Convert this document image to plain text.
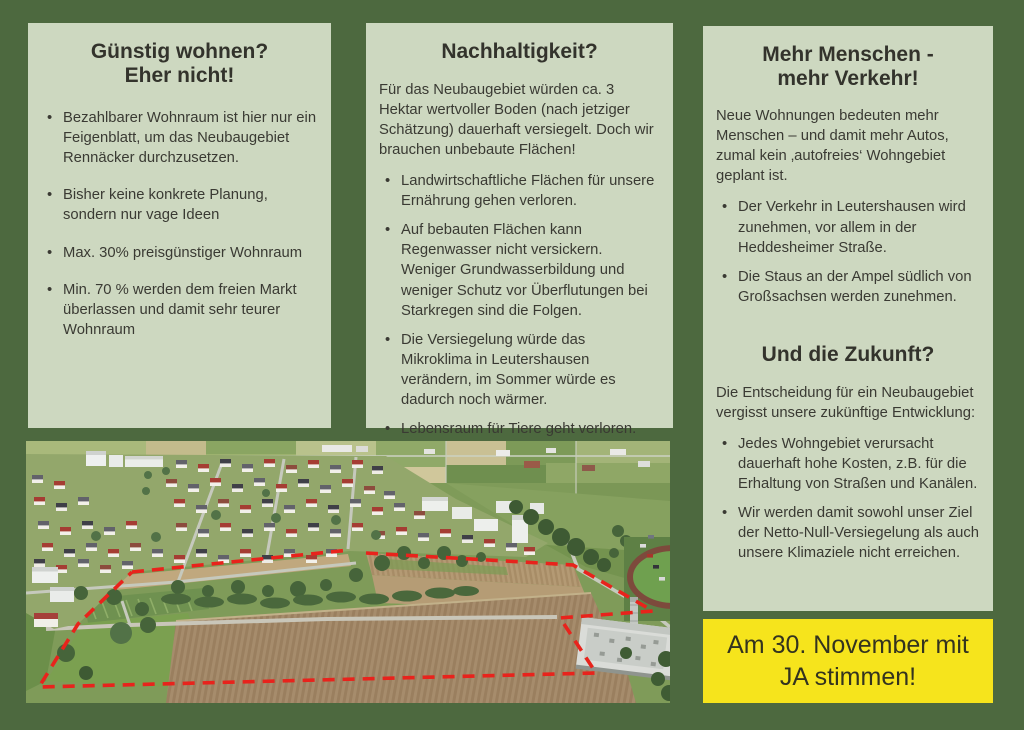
Günstig wohnen?
Eher nicht!
• Bezahlbarer Wohnraum ist hier nur ein Feigenblatt, um das Neubaugebiet Rennäcker durchzusetzen.
• Bisher keine konkrete Planung, sondern nur vage Ideen
• Max. 30% preisgünstiger Wohnraum
• Min. 70 % werden dem freien Markt überlassen und damit sehr teurer Wohnraum
Nachhaltigkeit?

Für das Neubaugebiet würden ca. 3 Hektar wertvoller Boden (nach jetziger Schätzung) dauerhaft versiegelt. Doch wir brauchen unbebaute Flächen!

• Landwirtschaftliche Flächen für unsere Ernährung gehen verloren.
• Auf bebauten Flächen kann Regenwasser nicht versickern. Weniger Grundwasserbildung und weniger Schutz vor Überflutungen bei Starkregen sind die Folgen.
• Die Versiegelung würde das Mikroklima in Leutershausen verändern, im Sommer würde es dadurch noch wärmer.
• Lebensraum für Tiere geht verloren.
Mehr Menschen -
mehr Verkehr!

Neue Wohnungen bedeuten mehr Menschen – und damit mehr Autos, zumal kein ‚autofreies‘ Wohngebiet geplant ist.

• Der Verkehr in Leutershausen wird zunehmen, vor allem in der Heddesheimer Straße.
• Die Staus an der Ampel südlich von Großsachsen werden zunehmen.
Und die Zukunft?

Die Entscheidung für ein Neubaugebiet vergisst unsere zukünftige Entwicklung:

• Jedes Wohngebiet verursacht dauerhaft hohe Kosten, z.B. für die Erhaltung von Straßen und Kanälen.
• Wir werden damit sowohl unser Ziel der Netto-Null-Versiegelung als auch unsere Klimaziele nicht erreichen.
Am 30. November mit
JA stimmen!
